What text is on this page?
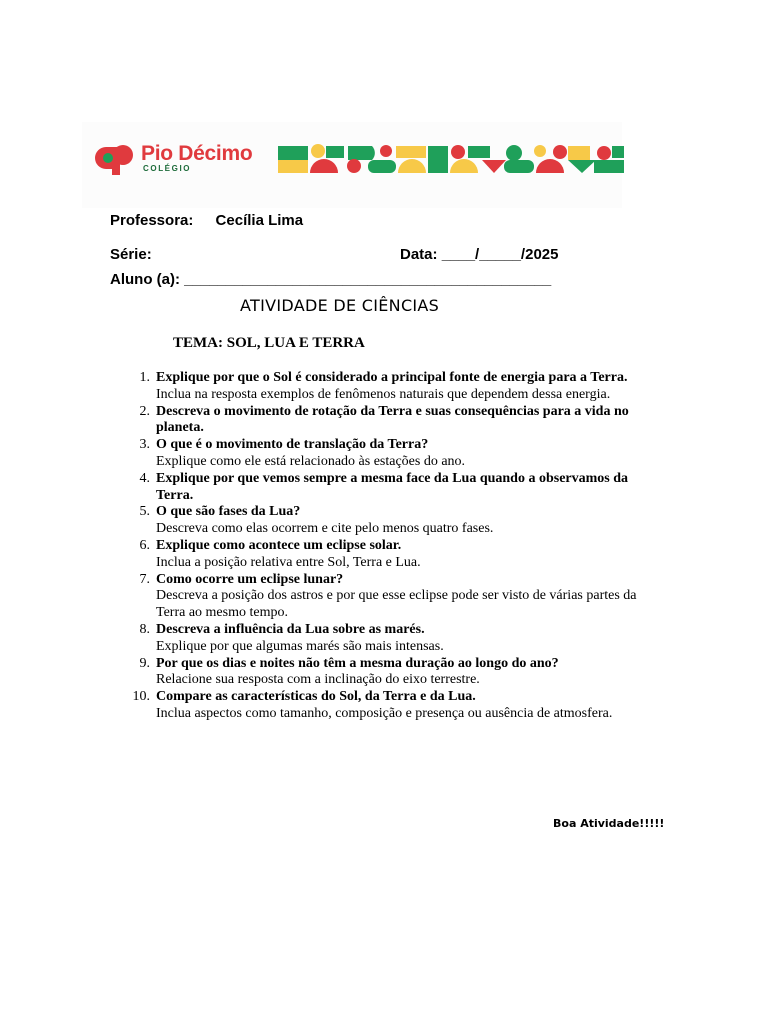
Pio Décimo
COLÉGIO
Professora: Cecília Lima
Série:	Data: ____/_____/2025
Aluno (a): ____________________________________________
ATIVIDADE DE CIÊNCIAS
TEMA: SOL, LUA E TERRA
1. Explique por que o Sol é considerado a principal fonte de energia para a Terra.
Inclua na resposta exemplos de fenômenos naturais que dependem dessa energia.
2. Descreva o movimento de rotação da Terra e suas consequências para a vida no planeta.
3. O que é o movimento de translação da Terra?
Explique como ele está relacionado às estações do ano.
4. Explique por que vemos sempre a mesma face da Lua quando a observamos da Terra.
5. O que são fases da Lua?
Descreva como elas ocorrem e cite pelo menos quatro fases.
6. Explique como acontece um eclipse solar.
Inclua a posição relativa entre Sol, Terra e Lua.
7. Como ocorre um eclipse lunar?
Descreva a posição dos astros e por que esse eclipse pode ser visto de várias partes da Terra ao mesmo tempo.
8. Descreva a influência da Lua sobre as marés.
Explique por que algumas marés são mais intensas.
9. Por que os dias e noites não têm a mesma duração ao longo do ano?
Relacione sua resposta com a inclinação do eixo terrestre.
10. Compare as características do Sol, da Terra e da Lua.
Inclua aspectos como tamanho, composição e presença ou ausência de atmosfera.
Boa Atividade!!!!!
